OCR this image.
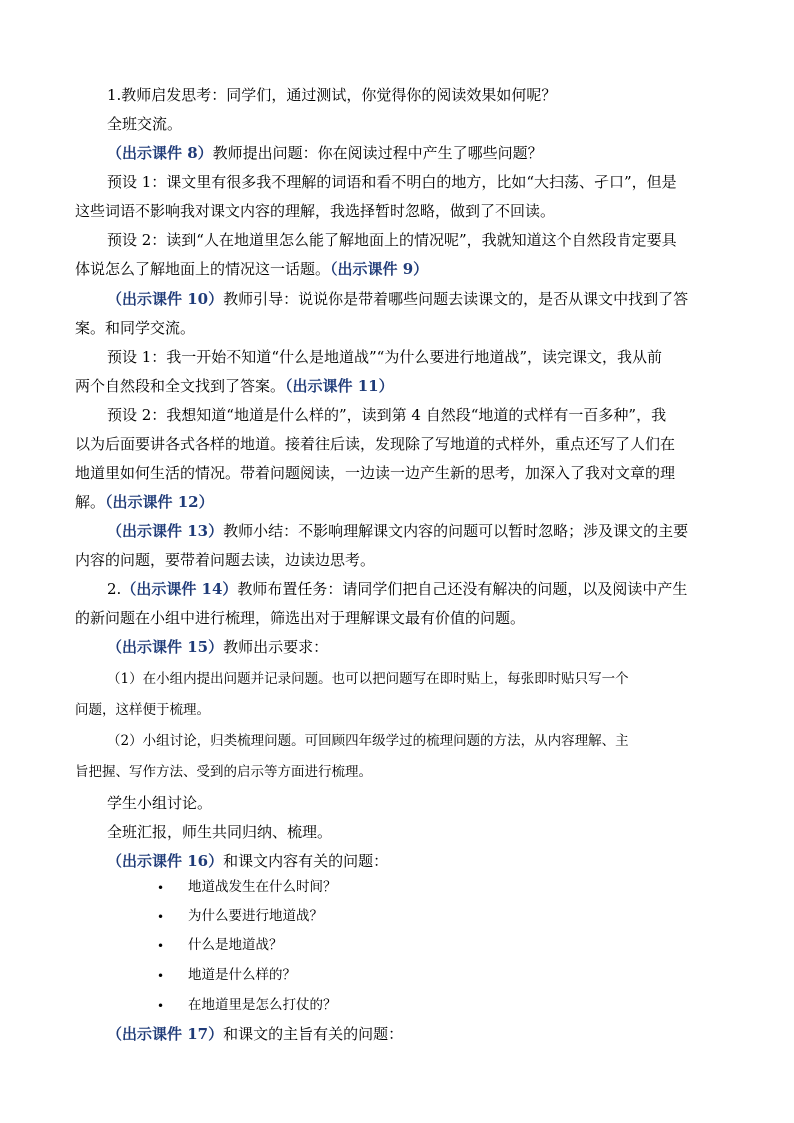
1.教师启发思考：同学们，通过测试，你觉得你的阅读效果如何呢？
全班交流。
（出示课件 8）教师提出问题：你在阅读过程中产生了哪些问题？
预设 1：课文里有很多我不理解的词语和看不明白的地方，比如“大扫荡、孑口”，但是
这些词语不影响我对课文内容的理解，我选择暂时忽略，做到了不回读。
预设 2：读到“人在地道里怎么能了解地面上的情况呢”，我就知道这个自然段肯定要具
体说怎么了解地面上的情况这一话题。（出示课件 9）
（出示课件 10）教师引导：说说你是带着哪些问题去读课文的，是否从课文中找到了答
案。和同学交流。
预设 1：我一开始不知道“什么是地道战”“为什么要进行地道战”，读完课文，我从前
两个自然段和全文找到了答案。（出示课件 11）
预设 2：我想知道“地道是什么样的”，读到第 4 自然段“地道的式样有一百多种”，我
以为后面要讲各式各样的地道。接着往后读，发现除了写地道的式样外，重点还写了人们在
地道里如何生活的情况。带着问题阅读，一边读一边产生新的思考，加深入了我对文章的理
解。（出示课件 12）
（出示课件 13）教师小结：不影响理解课文内容的问题可以暂时忽略；涉及课文的主要
内容的问题，要带着问题去读，边读边思考。
2.（出示课件 14）教师布置任务：请同学们把自己还没有解决的问题，以及阅读中产生
的新问题在小组中进行梳理，筛选出对于理解课文最有价值的问题。
（出示课件 15）教师出示要求：
（1）在小组内提出问题并记录问题。也可以把问题写在即时贴上，每张即时贴只写一个
问题，这样便于梳理。
（2）小组讨论，归类梳理问题。可回顾四年级学过的梳理问题的方法，从内容理解、主
旨把握、写作方法、受到的启示等方面进行梳理。
学生小组讨论。
全班汇报，师生共同归纳、梳理。
（出示课件 16）和课文内容有关的问题：
• 地道战发生在什么时间？
• 为什么要进行地道战？
• 什么是地道战？
• 地道是什么样的？
• 在地道里是怎么打仗的？
（出示课件 17）和课文的主旨有关的问题：
